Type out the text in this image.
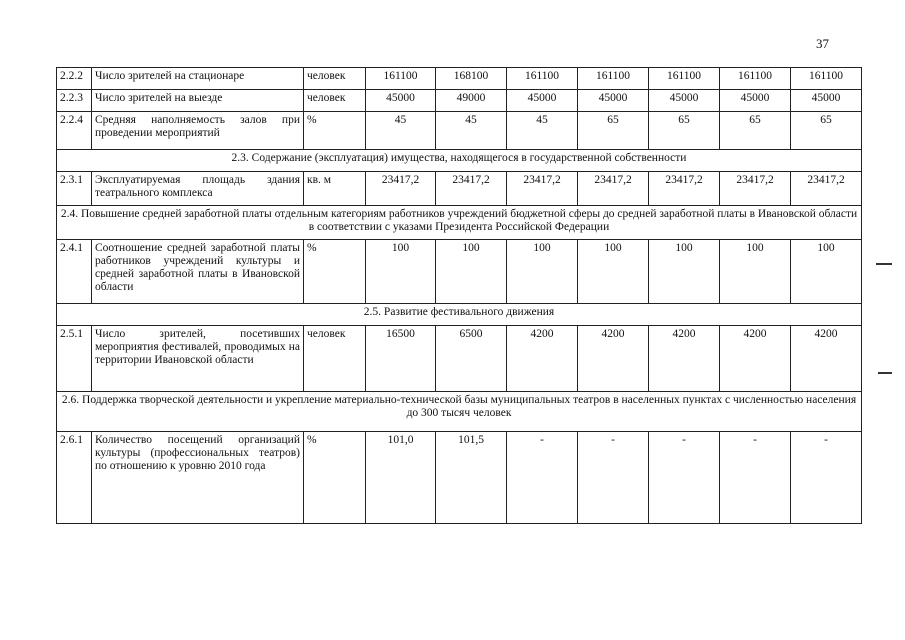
37
2.2.2	Число зрителей на стационаре	человек	161100	168100	161100	161100	161100	161100	161100
2.2.3	Число зрителей на выезде	человек	45000	49000	45000	45000	45000	45000	45000
2.2.4	Средняя наполняемость залов при проведении мероприятий	%	45	45	45	65	65	65	65
2.3. Содержание (эксплуатация) имущества, находящегося в государственной собственности									
2.3.1	Эксплуатируемая площадь здания театрального комплекса	кв. м	23417,2	23417,2	23417,2	23417,2	23417,2	23417,2	23417,2
2.4. Повышение средней заработной платы отдельным категориям работников учреждений бюджетной сферы до средней заработной платы в Ивановской области в соответствии с указами Президента Российской Федерации									
2.4.1	Соотношение средней заработной платы работников учреждений культуры и средней заработной платы в Ивановской области	%	100	100	100	100	100	100	100
2.5. Развитие фестивального движения									
2.5.1	Число зрителей, посетивших мероприятия фестивалей, проводимых на территории Ивановской области	человек	16500	6500	4200	4200	4200	4200	4200
2.6. Поддержка творческой деятельности и укрепление материально-технической базы муниципальных театров в населенных пунктах с численностью населения до 300 тысяч человек									
2.6.1	Количество посещений организаций культуры (профессиональных театров) по отношению к уровню 2010 года	%	101,0	101,5	-	-	-	-	-
